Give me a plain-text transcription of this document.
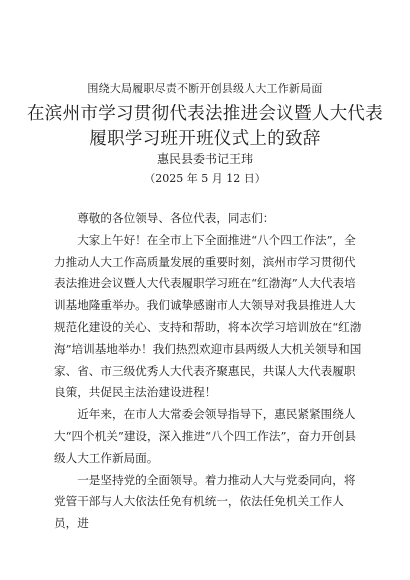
围绕大局履职尽责不断开创县级人大工作新局面
在滨州市学习贯彻代表法推进会议暨人大代表
履职学习班开班仪式上的致辞
惠民县委书记王玮
（2025 年 5 月 12 日）

尊敬的各位领导、各位代表，同志们：

大家上午好！在全市上下全面推进“八个四工作法”，全力推动人大工作高质量发展的重要时刻，滨州市学习贯彻代表法推进会议暨人大代表履职学习班在“红渤海”人大代表培训基地隆重举办。我们诚挚感谢市人大领导对我县推进人大规范化建设的关心、支持和帮助，将本次学习培训放在“红渤海”培训基地举办！我们热烈欢迎市县两级人大机关领导和国家、省、市三级优秀人大代表齐聚惠民，共谋人大代表履职良策，共促民主法治建设进程！

近年来，在市人大常委会领导指导下，惠民紧紧围绕人大“四个机关”建设，深入推进“八个四工作法”，奋力开创县级人大工作新局面。

一是坚持党的全面领导。着力推动人大与党委同向，将党管干部与人大依法任免有机统一，依法任免机关工作人员，进
